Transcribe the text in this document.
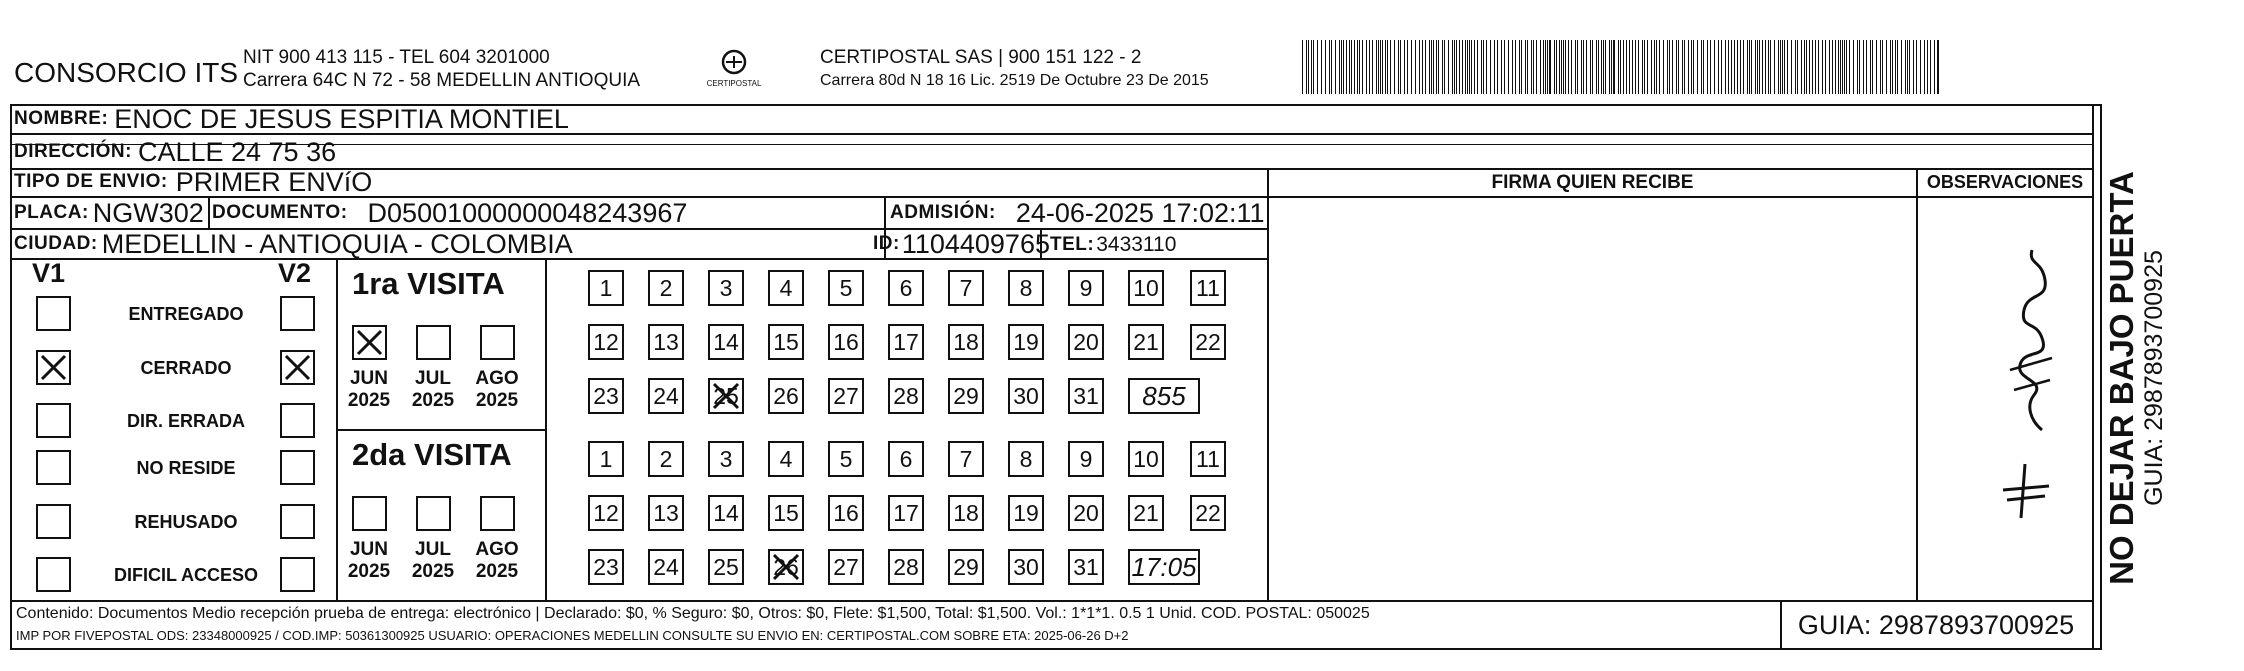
CONSORCIO ITS NIT 900 413 115 - TEL 604 3201000
Carrera 64C N 72 - 58 MEDELLIN ANTIOQUIA	CERTIPOSTAL
CERTIPOSTAL SAS | 900 151 122 - 2
Carrera 80d N 18 16 Lic. 2519 De Octubre 23 De 2015
NOMBRE: ENOC DE JESUS ESPITIA MONTIEL
DIRECCIÓN: CALLE 24 75 36
TIPO DE ENVIO: PRIMER ENVíO	FIRMA QUIEN RECIBE	OBSERVACIONES
PLACA: NGW302 DOCUMENTO: D05001000000048243967	ADMISIÓN: 24-06-2025 17:02:11
CIUDAD: MEDELLIN - ANTIOQUIA - COLOMBIA	ID: 1104409765 TEL: 3433110
V1	V2
ENTREGADO
CERRADO
DIR. ERRADA
NO RESIDE
REHUSADO
DIFICIL ACCESO
1ra VISITA
JUN
2025
JUL
2025
AGO
2025
1	2	3	4	5	6	7	8	9	10 11
12 13 14 15 16 17 18 19 20 21 22
23 24 25 26 27 28 29 30 31	855
2da VISITA
JUN
2025
JUL
2025
AGO
2025
1	2	3	4	5	6	7	8	9	10 11
12 13 14 15 16 17 18 19 20 21 22
23 24 25 26 27 28 29 30 31 17:05
Contenido: Documentos Medio recepción prueba de entrega: electrónico | Declarado: $0, % Seguro: $0, Otros: $0, Flete: $1,500, Total: $1,500. Vol.: 1*1*1. 0.5 1 Unid. COD. POSTAL: 050025
IMP POR FIVEPOSTAL ODS: 23348000925 / COD.IMP: 50361300925 USUARIO: OPERACIONES MEDELLIN CONSULTE SU ENVIO EN: CERTIPOSTAL.COM SOBRE ETA: 2025-06-26 D+2	GUIA: 2987893700925
NO DEJAR BAJO PUERTA GUIA: 2987893700925
